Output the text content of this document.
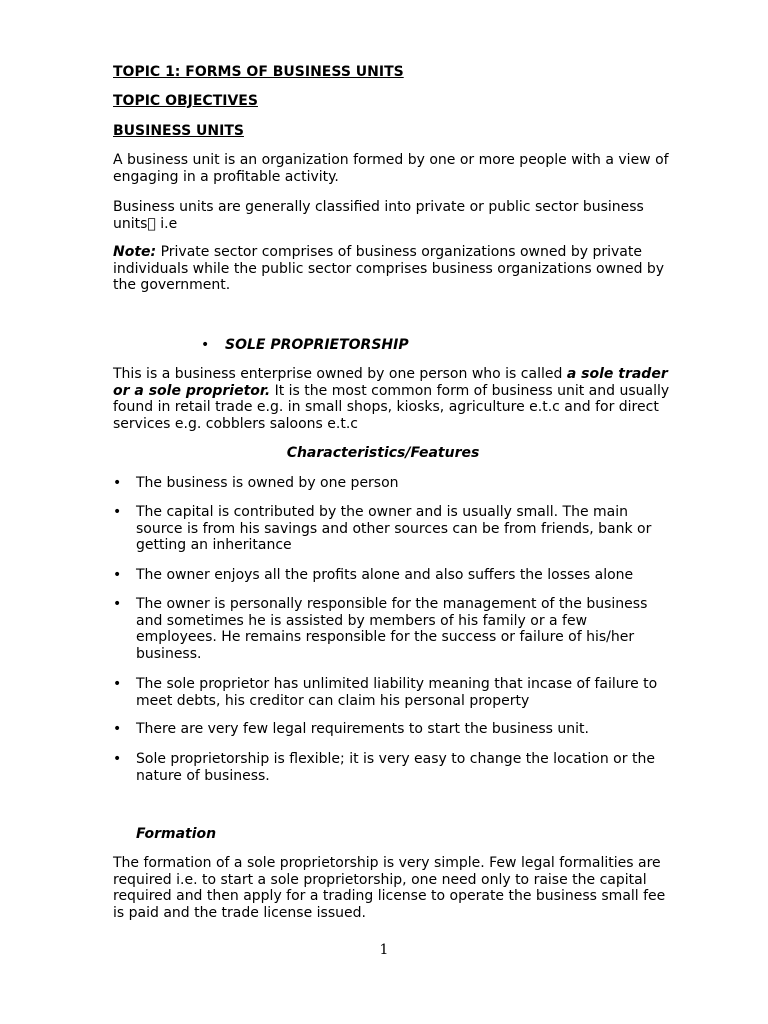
TOPIC 1: FORMS OF BUSINESS UNITS

TOPIC OBJECTIVES

BUSINESS UNITS

A business unit is an organization formed by one or more people with a view of engaging in a profitable activity.

Business units are generally classified into private or public sector business units  i.e

Note: Private sector comprises of business organizations owned by private individuals while the public sector comprises business organizations owned by the government.

• SOLE PROPRIETORSHIP

This is a business enterprise owned by one person who is called a sole trader or a sole proprietor. It is the most common form of business unit and usually found in retail trade e.g. in small shops, kiosks, agriculture e.t.c and for direct services e.g. cobblers saloons e.t.c

Characteristics/Features

• The business is owned by one person
• The capital is contributed by the owner and is usually small. The main source is from his savings and other sources can be from friends, bank or getting an inheritance
• The owner enjoys all the profits alone and also suffers the losses alone
• The owner is personally responsible for the management of the business and sometimes he is assisted by members of his family or a few employees. He remains responsible for the success or failure of his/her business.
• The sole proprietor has unlimited liability meaning that incase of failure to meet debts, his creditor can claim his personal property
• There are very few legal requirements to start the business unit.
• Sole proprietorship is flexible; it is very easy to change the location or the nature of business.

Formation

The formation of a sole proprietorship is very simple. Few legal formalities are required i.e. to start a sole proprietorship, one need only to raise the capital required and then apply for a trading license to operate the business small fee is paid and the trade license issued.

1
